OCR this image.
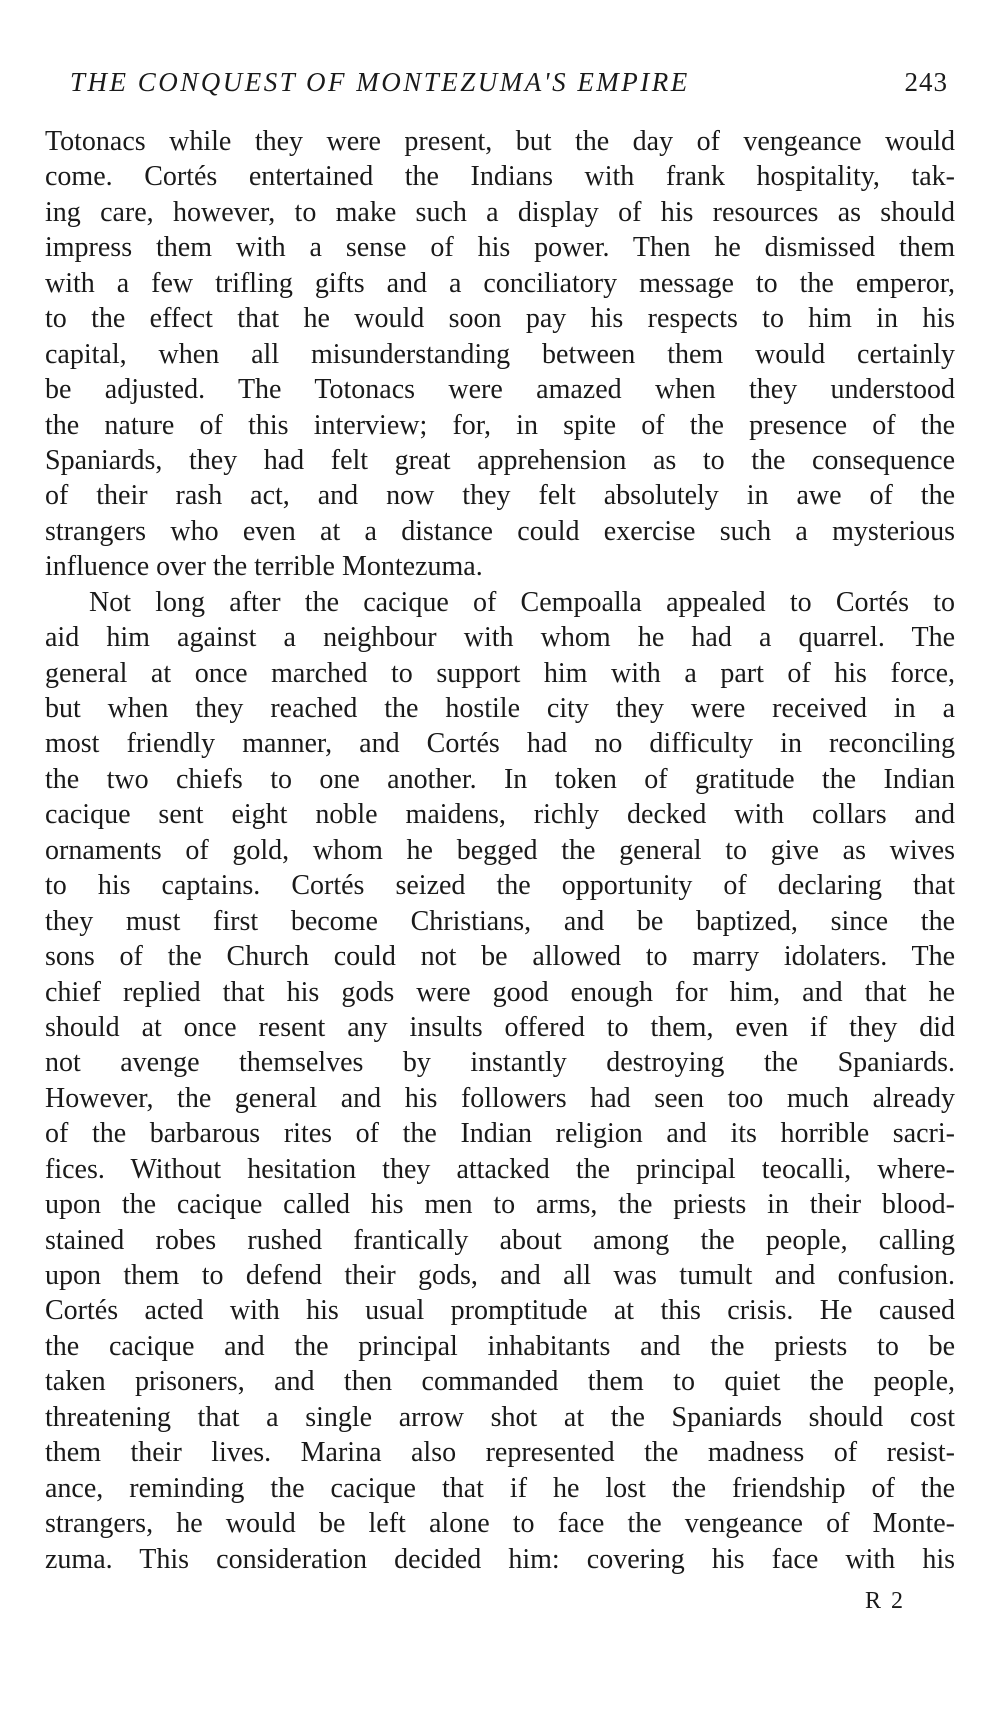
THE CONQUEST OF MONTEZUMA'S EMPIRE	243
Totonacs while they were present, but the day of vengeance would
come. Cortés entertained the Indians with frank hospitality, tak-
ing care, however, to make such a display of his resources as should
impress them with a sense of his power. Then he dismissed them
with a few trifling gifts and a conciliatory message to the emperor,
to the effect that he would soon pay his respects to him in his
capital, when all misunderstanding between them would certainly
be adjusted. The Totonacs were amazed when they understood
the nature of this interview; for, in spite of the presence of the
Spaniards, they had felt great apprehension as to the consequence
of their rash act, and now they felt absolutely in awe of the
strangers who even at a distance could exercise such a mysterious
influence over the terrible Montezuma.
Not long after the cacique of Cempoalla appealed to Cortés to
aid him against a neighbour with whom he had a quarrel. The
general at once marched to support him with a part of his force,
but when they reached the hostile city they were received in a
most friendly manner, and Cortés had no difficulty in reconciling
the two chiefs to one another. In token of gratitude the Indian
cacique sent eight noble maidens, richly decked with collars and
ornaments of gold, whom he begged the general to give as wives
to his captains. Cortés seized the opportunity of declaring that
they must first become Christians, and be baptized, since the
sons of the Church could not be allowed to marry idolaters. The
chief replied that his gods were good enough for him, and that he
should at once resent any insults offered to them, even if they did
not avenge themselves by instantly destroying the Spaniards.
However, the general and his followers had seen too much already
of the barbarous rites of the Indian religion and its horrible sacri-
fices. Without hesitation they attacked the principal teocalli, where-
upon the cacique called his men to arms, the priests in their blood-
stained robes rushed frantically about among the people, calling
upon them to defend their gods, and all was tumult and confusion.
Cortés acted with his usual promptitude at this crisis. He caused
the cacique and the principal inhabitants and the priests to be
taken prisoners, and then commanded them to quiet the people,
threatening that a single arrow shot at the Spaniards should cost
them their lives. Marina also represented the madness of resist-
ance, reminding the cacique that if he lost the friendship of the
strangers, he would be left alone to face the vengeance of Monte-
zuma. This consideration decided him: covering his face with his
R 2
